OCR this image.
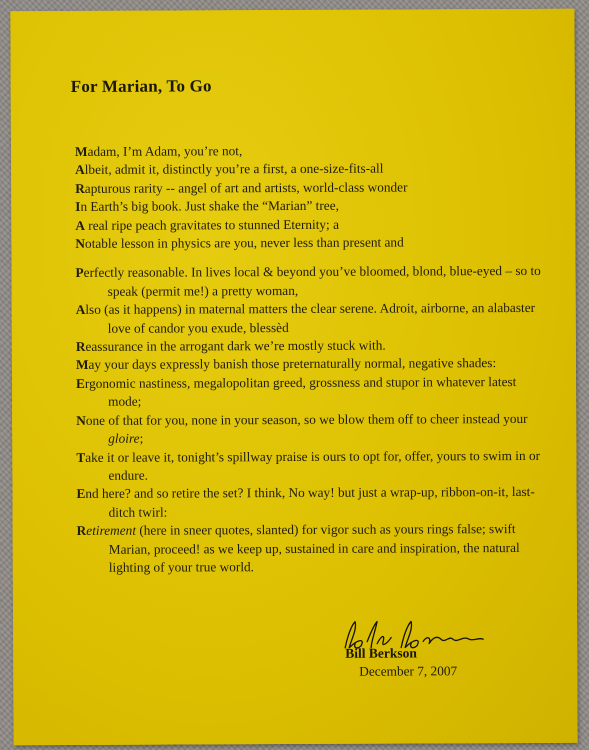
For Marian, To Go

Madam, I’m Adam, you’re not,

Albeit, admit it, distinctly you’re a first, a one-size-fits-all

Rapturous rarity -- angel of art and artists, world-class wonder

In Earth’s big book. Just shake the “Marian” tree,

A real ripe peach gravitates to stunned Eternity; a

Notable lesson in physics are you, never less than present and

Perfectly reasonable. In lives local & beyond you’ve bloomed, blond, blue-eyed – so to speak (permit me!) a pretty woman,

Also (as it happens) in maternal matters the clear serene. Adroit, airborne, an alabaster love of candor you exude, blessèd

Reassurance in the arrogant dark we’re mostly stuck with.

May your days expressly banish those preternaturally normal, negative shades:

Ergonomic nastiness, megalopolitan greed, grossness and stupor in whatever latest mode;

None of that for you, none in your season, so we blow them off to cheer instead your gloire;

Take it or leave it, tonight’s spillway praise is ours to opt for, offer, yours to swim in or endure.

End here? and so retire the set? I think, No way! but just a wrap-up, ribbon-on-it, last-ditch twirl:

Retirement (here in sneer quotes, slanted) for vigor such as yours rings false; swift Marian, proceed! as we keep up, sustained in care and inspiration, the natural lighting of your true world.

Bill Berkson
December 7, 2007
